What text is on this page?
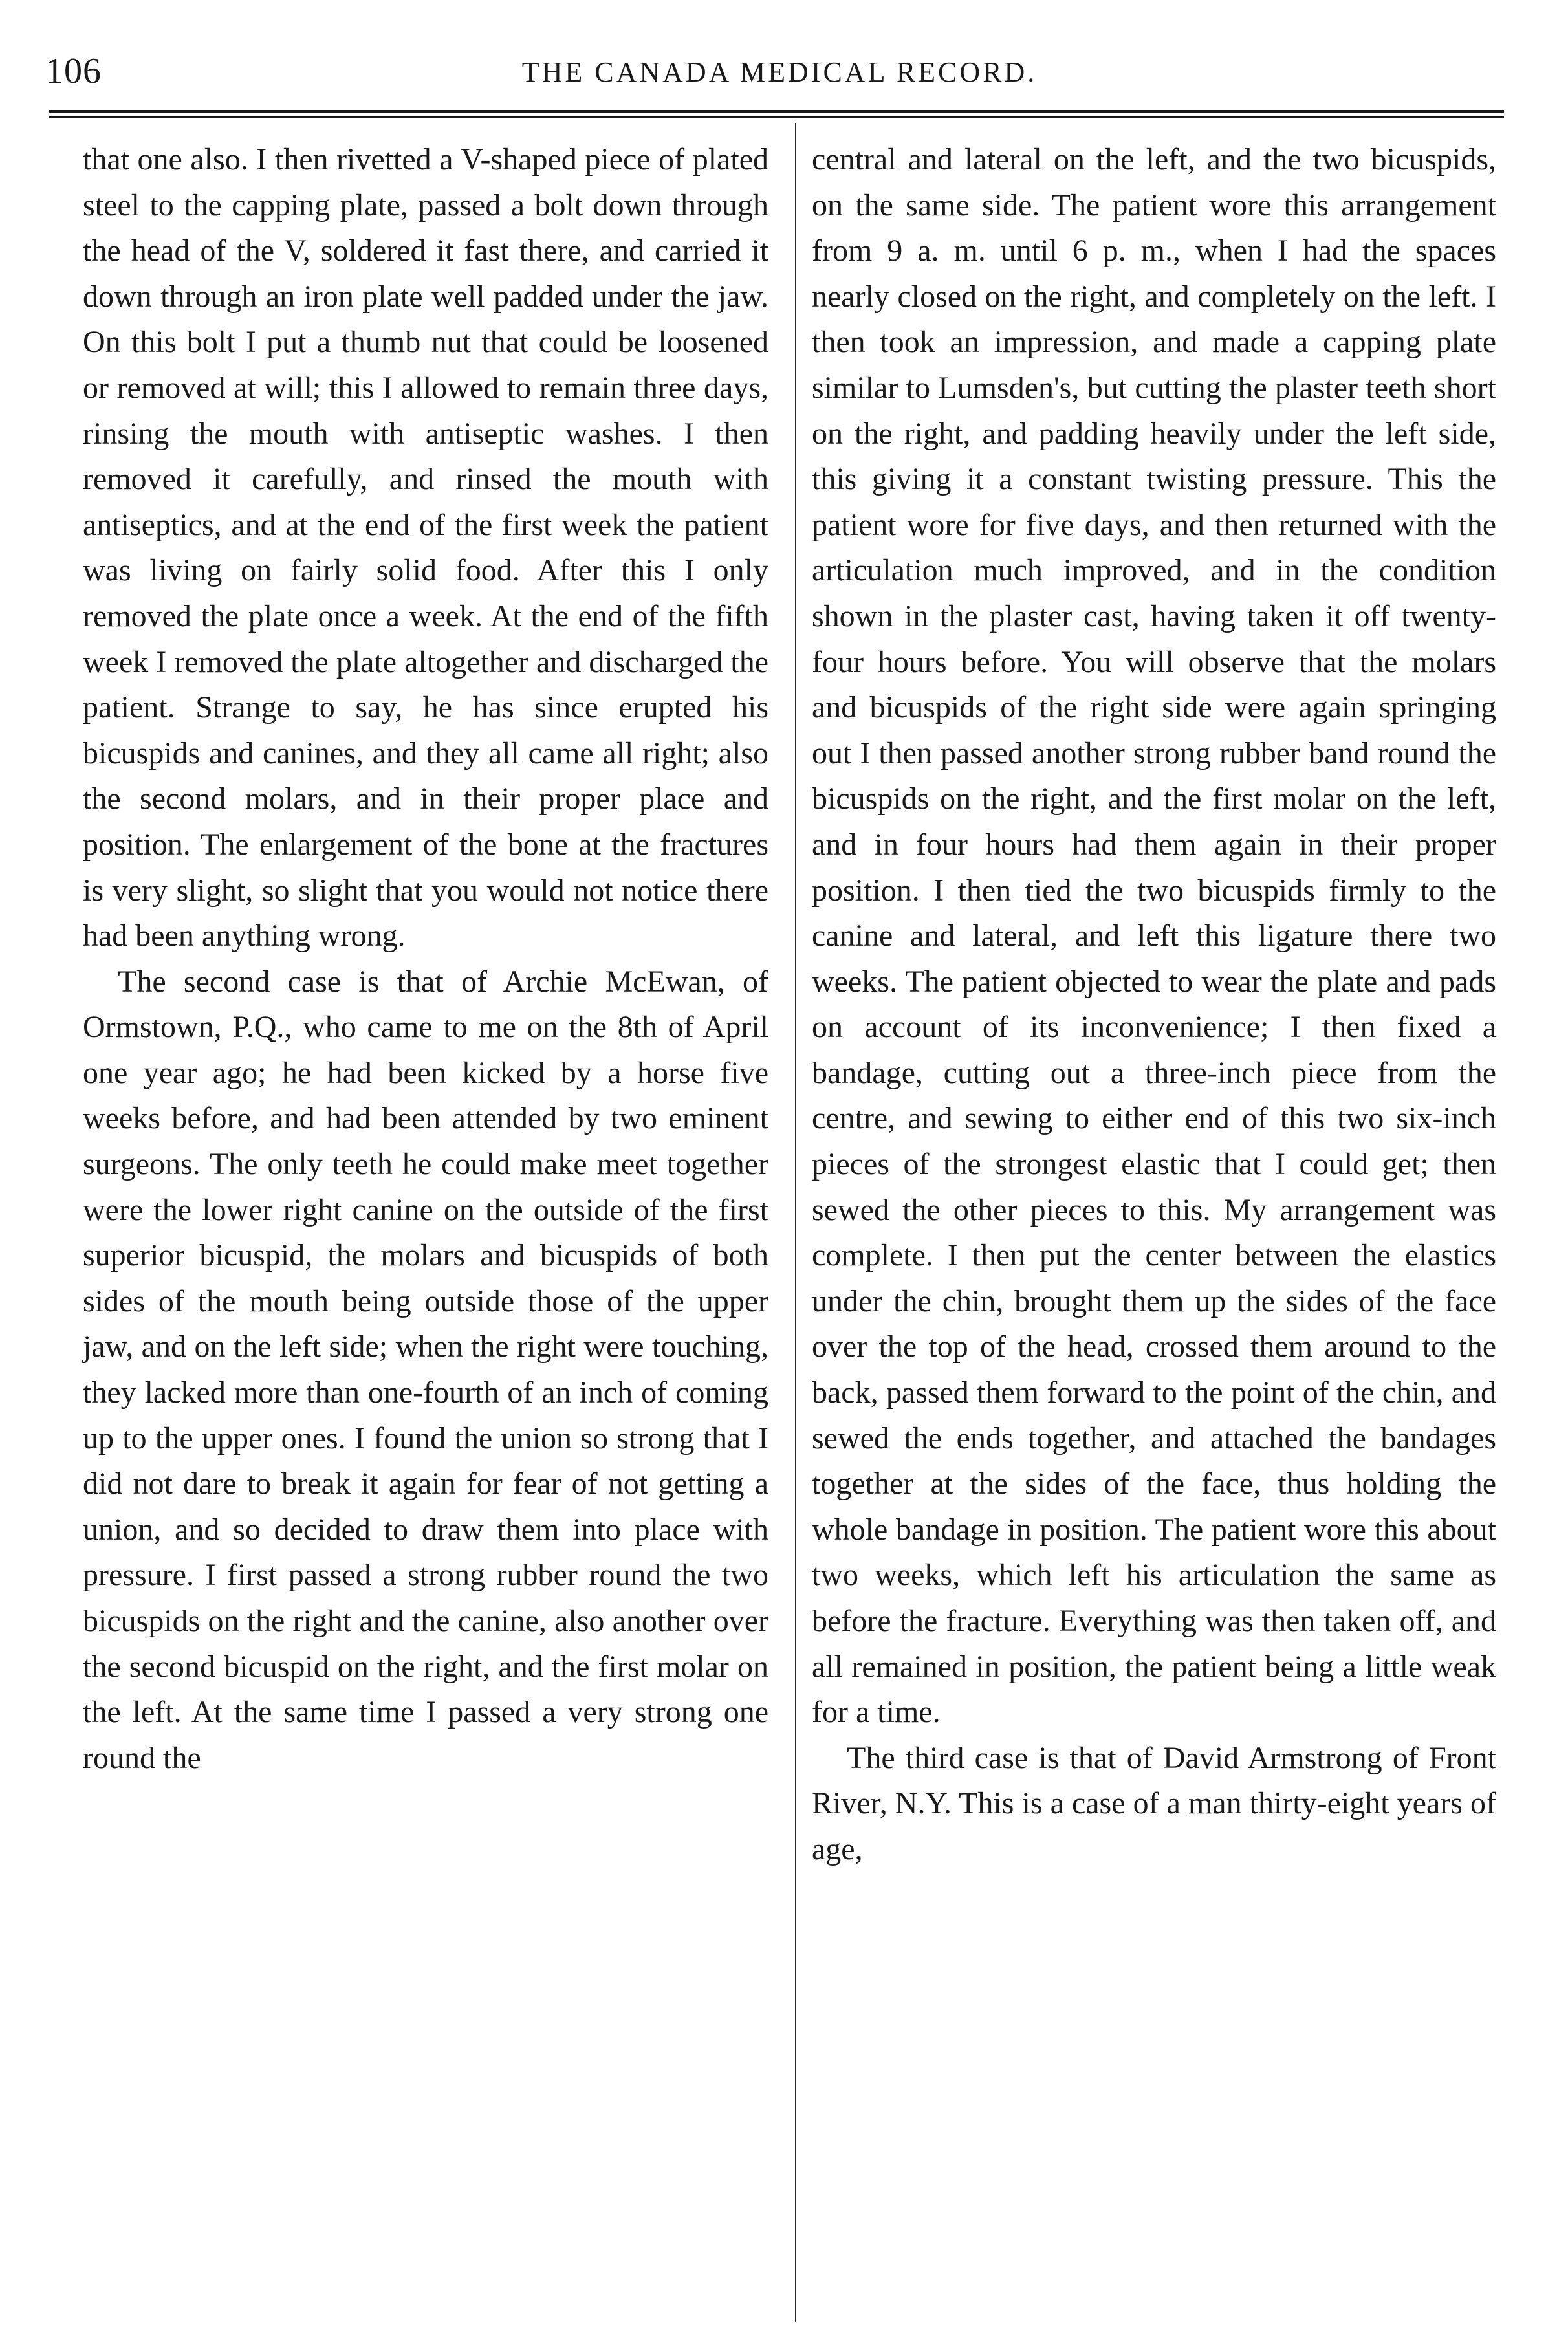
106	THE CANADA MEDICAL RECORD.

that one also. I then rivetted a V-shaped piece of plated steel to the capping plate, passed a bolt down through the head of the V, soldered it fast there, and carried it down through an iron plate well padded under the jaw. On this bolt I put a thumb nut that could be loosened or removed at will; this I allowed to remain three days, rinsing the mouth with antiseptic washes. I then removed it carefully, and rinsed the mouth with antiseptics, and at the end of the first week the patient was living on fairly solid food. After this I only removed the plate once a week. At the end of the fifth week I removed the plate altogether and discharged the patient. Strange to say, he has since erupted his bicuspids and canines, and they all came all right; also the second molars, and in their proper place and position. The enlargement of the bone at the fractures is very slight, so slight that you would not notice there had been anything wrong.

The second case is that of Archie McEwan, of Ormstown, P.Q., who came to me on the 8th of April one year ago; he had been kicked by a horse five weeks before, and had been attended by two eminent surgeons. The only teeth he could make meet together were the lower right canine on the outside of the first superior bicuspid, the molars and bicuspids of both sides of the mouth being outside those of the upper jaw, and on the left side; when the right were touching, they lacked more than one-fourth of an inch of coming up to the upper ones. I found the union so strong that I did not dare to break it again for fear of not getting a union, and so decided to draw them into place with pressure. I first passed a strong rubber round the two bicuspids on the right and the canine, also another over the second bicuspid on the right, and the first molar on the left. At the same time I passed a very strong one round the

central and lateral on the left, and the two bicuspids, on the same side. The patient wore this arrangement from 9 a. m. until 6 p. m., when I had the spaces nearly closed on the right, and completely on the left. I then took an impression, and made a capping plate similar to Lumsden's, but cutting the plaster teeth short on the right, and padding heavily under the left side, this giving it a constant twisting pressure. This the patient wore for five days, and then returned with the articulation much improved, and in the condition shown in the plaster cast, having taken it off twenty-four hours before. You will observe that the molars and bicuspids of the right side were again springing out I then passed another strong rubber band round the bicuspids on the right, and the first molar on the left, and in four hours had them again in their proper position. I then tied the two bicuspids firmly to the canine and lateral, and left this ligature there two weeks. The patient objected to wear the plate and pads on account of its inconvenience; I then fixed a bandage, cutting out a three-inch piece from the centre, and sewing to either end of this two six-inch pieces of the strongest elastic that I could get; then sewed the other pieces to this. My arrangement was complete. I then put the center between the elastics under the chin, brought them up the sides of the face over the top of the head, crossed them around to the back, passed them forward to the point of the chin, and sewed the ends together, and attached the bandages together at the sides of the face, thus holding the whole bandage in position. The patient wore this about two weeks, which left his articulation the same as before the fracture. Everything was then taken off, and all remained in position, the patient being a little weak for a time.

The third case is that of David Armstrong of Front River, N.Y. This is a case of a man thirty-eight years of age,
